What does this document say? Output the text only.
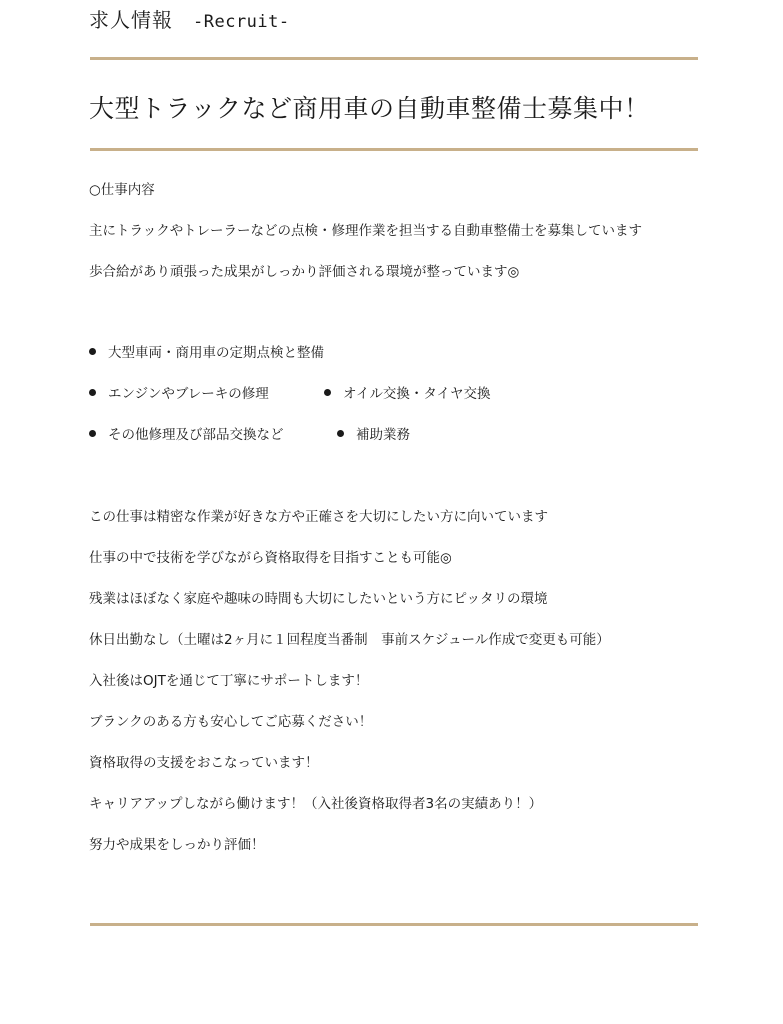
求人情報 -Recruit-
大型トラックなど商用車の自動車整備士募集中！
○仕事内容
主にトラックやトレーラーなどの点検・修理作業を担当する自動車整備士を募集しています
歩合給があり頑張った成果がしっかり評価される環境が整っています◎
大型車両・商用車の定期点検と整備
エンジンやブレーキの修理	オイル交換・タイヤ交換
その他修理及び部品交換など	補助業務
この仕事は精密な作業が好きな方や正確さを大切にしたい方に向いています
仕事の中で技術を学びながら資格取得を目指すことも可能◎
残業はほぼなく家庭や趣味の時間も大切にしたいという方にピッタリの環境
休日出勤なし（土曜は2ヶ月に１回程度当番制　事前スケジュール作成で変更も可能）
入社後はOJTを通じて丁寧にサポートします！
ブランクのある方も安心してご応募ください！
資格取得の支援をおこなっています！
キャリアアップしながら働けます！（入社後資格取得者3名の実績あり！）
努力や成果をしっかり評価！
